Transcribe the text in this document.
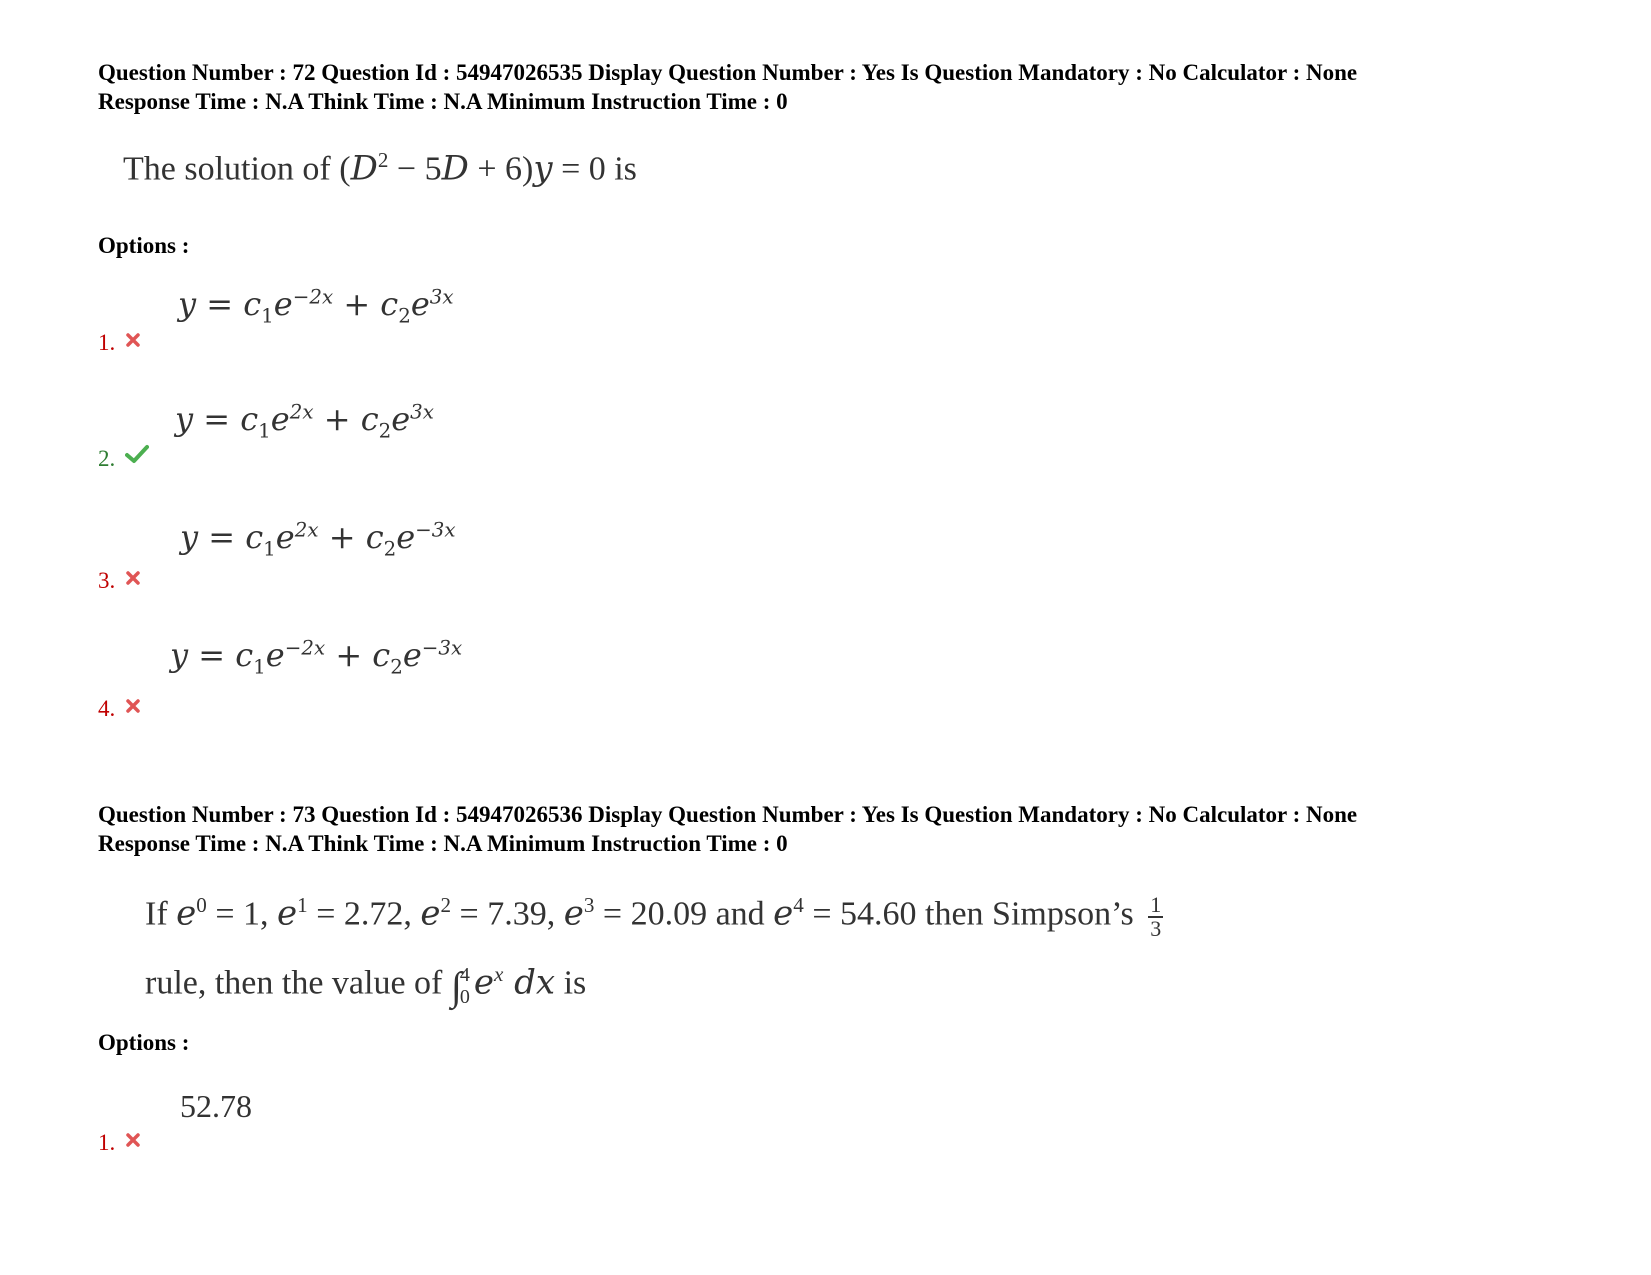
Question Number : 72 Question Id : 54947026535 Display Question Number : Yes Is Question Mandatory : No Calculator : None
Response Time : N.A Think Time : N.A Minimum Instruction Time : 0
The solution of $(D^2 - 5D + 6)y = 0$ is
Options :
$y = c_1e^{-2x} + c_2e^{3x}$
1.
$y = c_1e^{2x} + c_2e^{3x}$
2.
$y = c_1e^{2x} + c_2e^{-3x}$
3.
$y = c_1e^{-2x} + c_2e^{-3x}$
4.
Question Number : 73 Question Id : 54947026536 Display Question Number : Yes Is Question Mandatory : No Calculator : None
Response Time : N.A Think Time : N.A Minimum Instruction Time : 0
If $e^0 = 1$, $e^1 = 2.72$, $e^2 = 7.39$, $e^3 = 20.09$ and $e^4 = 54.60$ then Simpson’s $\frac{1}{3}$
rule, then the value of ∫
4
0 $e^x$ dx is
Options :
52.78
1.
